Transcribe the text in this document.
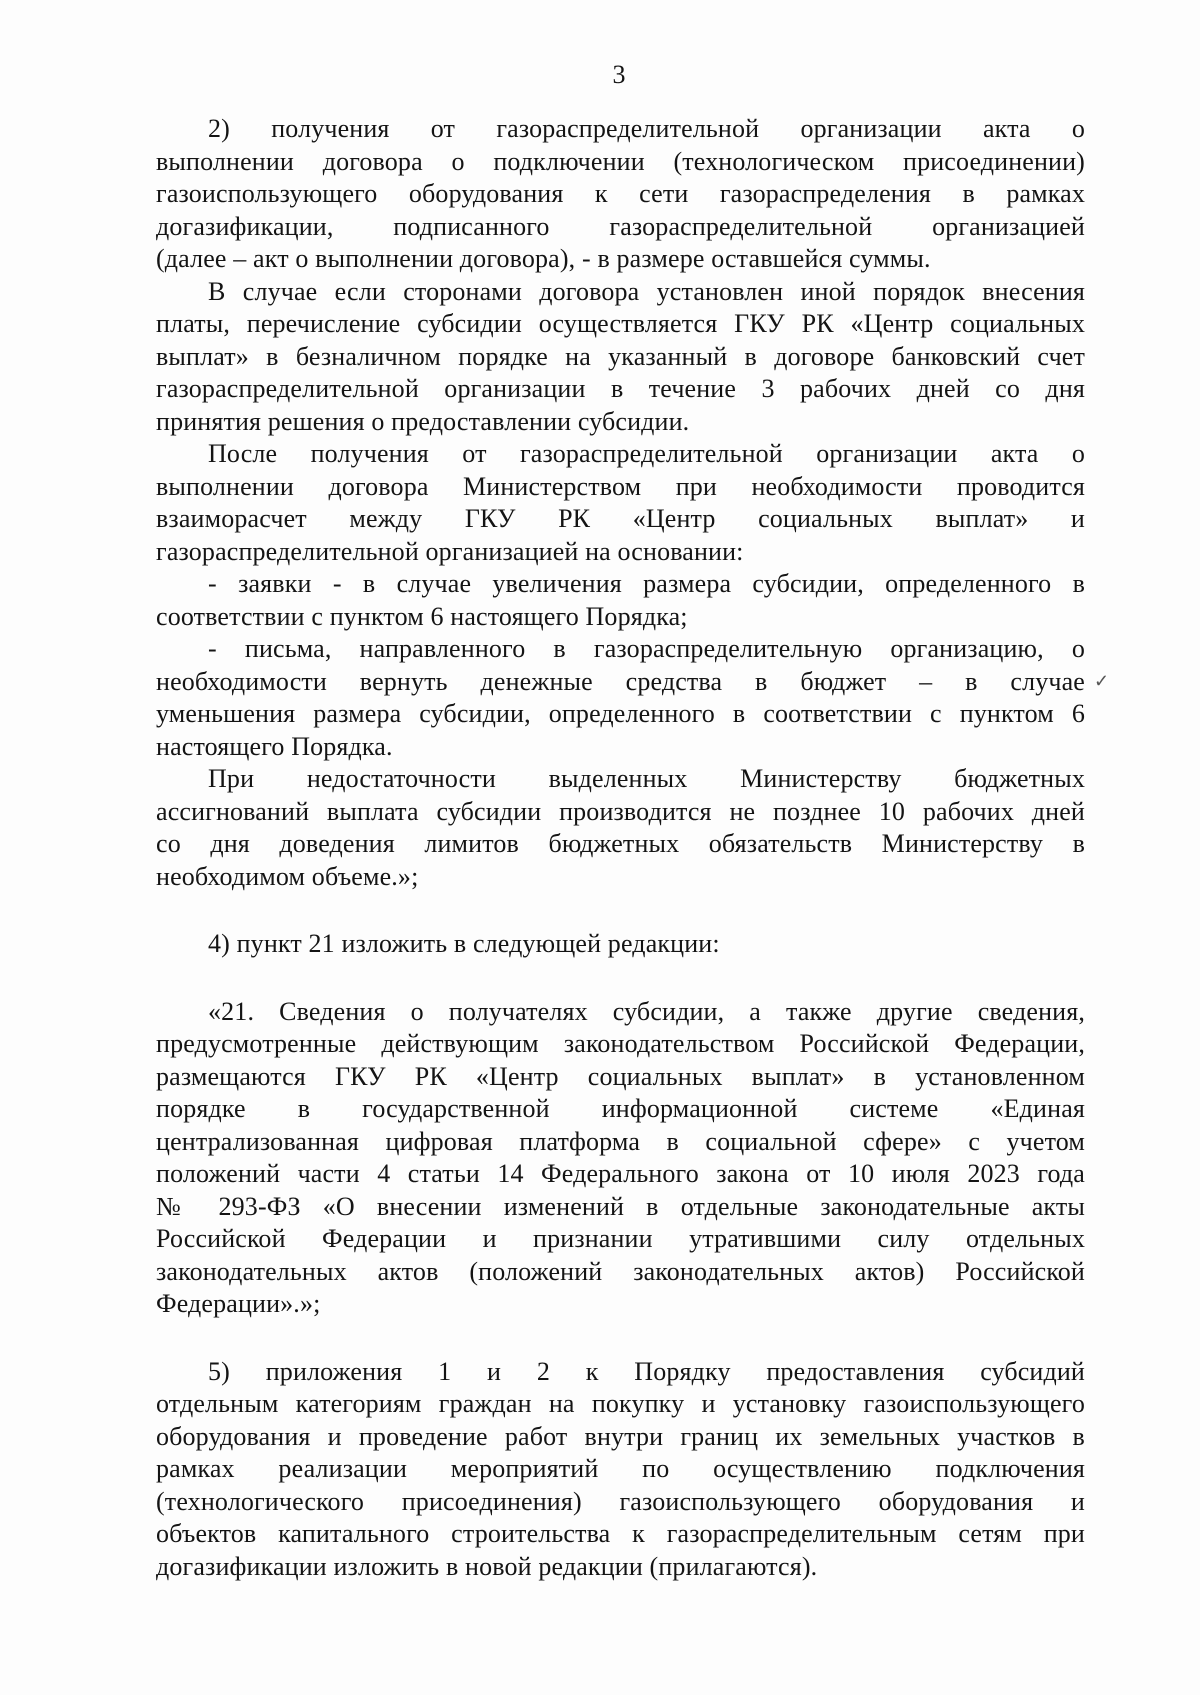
3
2) получения от газораспределительной организации акта о
выполнении договора о подключении (технологическом присоединении)
газоиспользующего оборудования к сети газораспределения в рамках
догазификации, подписанного газораспределительной организацией
(далее – акт о выполнении договора), - в размере оставшейся суммы.
В случае если сторонами договора установлен иной порядок внесения
платы, перечисление субсидии осуществляется ГКУ РК «Центр социальных
выплат» в безналичном порядке на указанный в договоре банковский счет
газораспределительной организации в течение 3 рабочих дней со дня
принятия решения о предоставлении субсидии.
После получения от газораспределительной организации акта о
выполнении договора Министерством при необходимости проводится
взаиморасчет между ГКУ РК «Центр социальных выплат» и
газораспределительной организацией на основании:
- заявки - в случае увеличения размера субсидии, определенного в
соответствии с пунктом 6 настоящего Порядка;
- письма, направленного в газораспределительную организацию, о
необходимости вернуть денежные средства в бюджет – в случае
уменьшения размера субсидии, определенного в соответствии с пунктом 6
настоящего Порядка.
При недостаточности выделенных Министерству бюджетных
ассигнований выплата субсидии производится не позднее 10 рабочих дней
со дня доведения лимитов бюджетных обязательств Министерству в
необходимом объеме.»;
4) пункт 21 изложить в следующей редакции:
«21. Сведения о получателях субсидии, а также другие сведения,
предусмотренные действующим законодательством Российской Федерации,
размещаются ГКУ РК «Центр социальных выплат» в установленном
порядке в государственной информационной системе «Единая
централизованная цифровая платформа в социальной сфере» с учетом
положений части 4 статьи 14 Федерального закона от 10 июля 2023 года
№ 293-ФЗ «О внесении изменений в отдельные законодательные акты
Российской Федерации и признании утратившими силу отдельных
законодательных актов (положений законодательных актов) Российской
Федерации».»;
5) приложения 1 и 2 к Порядку предоставления субсидий
отдельным категориям граждан на покупку и установку газоиспользующего
оборудования и проведение работ внутри границ их земельных участков в
рамках реализации мероприятий по осуществлению подключения
(технологического присоединения) газоиспользующего оборудования и
объектов капитального строительства к газораспределительным сетям при
догазификации изложить в новой редакции (прилагаются).
✓
